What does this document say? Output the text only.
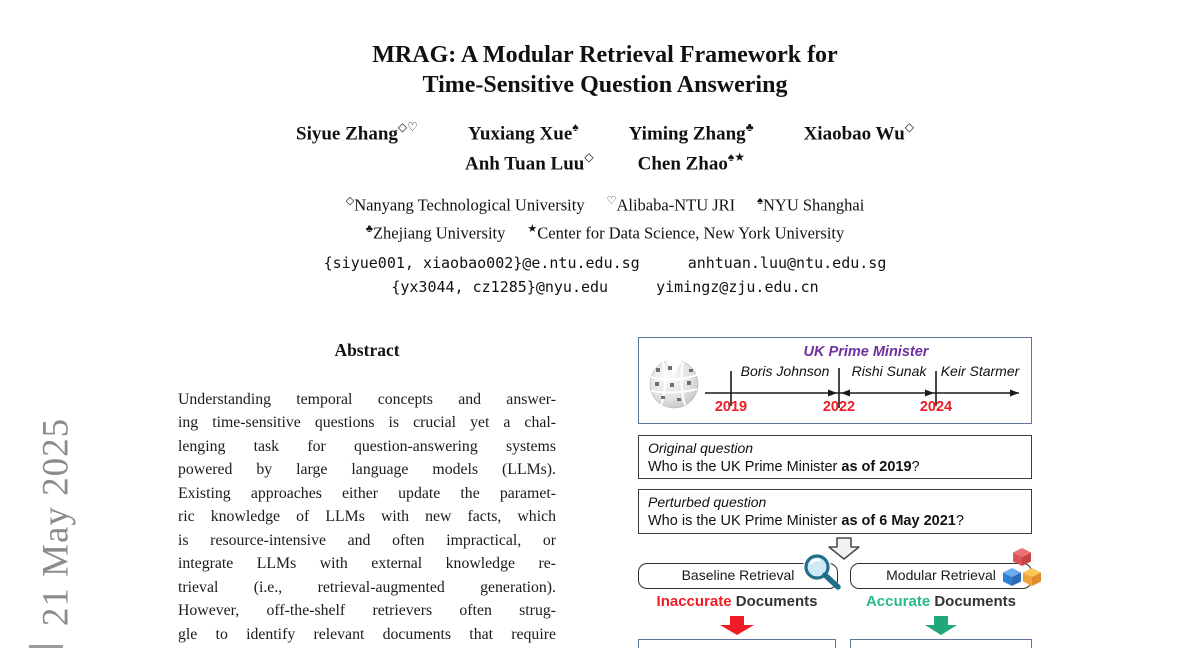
21 May 2025
MRAG: A Modular Retrieval Framework for
Time-Sensitive Question Answering
Siyue Zhang◇♡	Yuxiang Xue♠	Yiming Zhang♣	Xiaobao Wu◇
Anh Tuan Luu◇ Chen Zhao♠★
◇Nanyang Technological University ♡Alibaba-NTU JRI ♠NYU Shanghai
♣Zhejiang University ★Center for Data Science, New York University
{siyue001, xiaobao002}@e.ntu.edu.sg	anhtuan.luu@ntu.edu.sg
{yx3044, cz1285}@nyu.edu	yimingz@zju.edu.cn
Abstract
Understanding temporal concepts and answer-
ing time-sensitive questions is crucial yet a chal-
lenging task for question-answering systems
powered by large language models (LLMs).
Existing approaches either update the paramet-
ric knowledge of LLMs with new facts, which
is resource-intensive and often impractical, or
integrate LLMs with external knowledge re-
trieval (i.e., retrieval-augmented generation).
However, off-the-shelf retrievers often strug-
gle to identify relevant documents that require
UK Prime Minister
Boris Johnson Rishi Sunak Keir Starmer
2019	2022	2024
Original question
Who is the UK Prime Minister as of 2019?
Perturbed question
Who is the UK Prime Minister as of 6 May 2021?
Baseline Retrieval	Modular Retrieval
Inaccurate Documents	Accurate Documents
